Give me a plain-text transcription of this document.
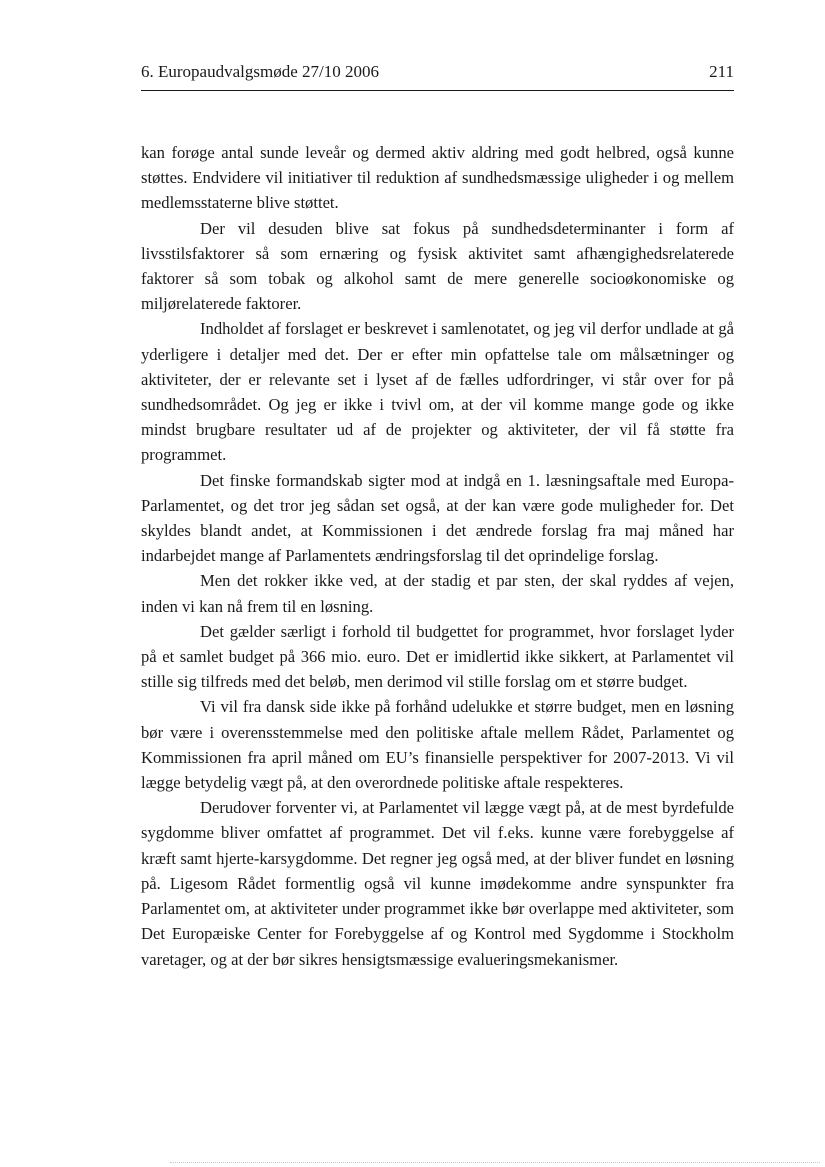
6. Europaudvalgsmøde 27/10 2006	211

kan forøge antal sunde leveår og dermed aktiv aldring med godt helbred, også kunne støttes. Endvidere vil initiativer til reduktion af sundhedsmæssige uligheder i og mellem medlemsstaterne blive støttet.

Der vil desuden blive sat fokus på sundhedsdeterminanter i form af livsstilsfaktorer så som ernæring og fysisk aktivitet samt afhængighedsrelaterede faktorer så som tobak og alkohol samt de mere generelle socioøkonomiske og miljørelaterede faktorer.

Indholdet af forslaget er beskrevet i samlenotatet, og jeg vil derfor undlade at gå yderligere i detaljer med det. Der er efter min opfattelse tale om målsætninger og aktiviteter, der er relevante set i lyset af de fælles udfordringer, vi står over for på sundhedsområdet. Og jeg er ikke i tvivl om, at der vil komme mange gode og ikke mindst brugbare resultater ud af de projekter og aktiviteter, der vil få støtte fra programmet.

Det finske formandskab sigter mod at indgå en 1. læsningsaftale med Europa-Parlamentet, og det tror jeg sådan set også, at der kan være gode muligheder for. Det skyldes blandt andet, at Kommissionen i det ændrede forslag fra maj måned har indarbejdet mange af Parlamentets ændringsforslag til det oprindelige forslag.

Men det rokker ikke ved, at der stadig et par sten, der skal ryddes af vejen, inden vi kan nå frem til en løsning.

Det gælder særligt i forhold til budgettet for programmet, hvor forslaget lyder på et samlet budget på 366 mio. euro. Det er imidlertid ikke sikkert, at Parlamentet vil stille sig tilfreds med det beløb, men derimod vil stille forslag om et større budget.

Vi vil fra dansk side ikke på forhånd udelukke et større budget, men en løsning bør være i overensstemmelse med den politiske aftale mellem Rådet, Parlamentet og Kommissionen fra april måned om EU’s finansielle perspektiver for 2007-2013. Vi vil lægge betydelig vægt på, at den overordnede politiske aftale respekteres.

Derudover forventer vi, at Parlamentet vil lægge vægt på, at de mest byrdefulde sygdomme bliver omfattet af programmet. Det vil f.eks. kunne være forebyggelse af kræft samt hjerte-karsygdomme. Det regner jeg også med, at der bliver fundet en løsning på. Ligesom Rådet formentlig også vil kunne imødekomme andre synspunkter fra Parlamentet om, at aktiviteter under programmet ikke bør overlappe med aktiviteter, som Det Europæiske Center for Forebyggelse af og Kontrol med Sygdomme i Stockholm varetager, og at der bør sikres hensigtsmæssige evalueringsmekanismer.
